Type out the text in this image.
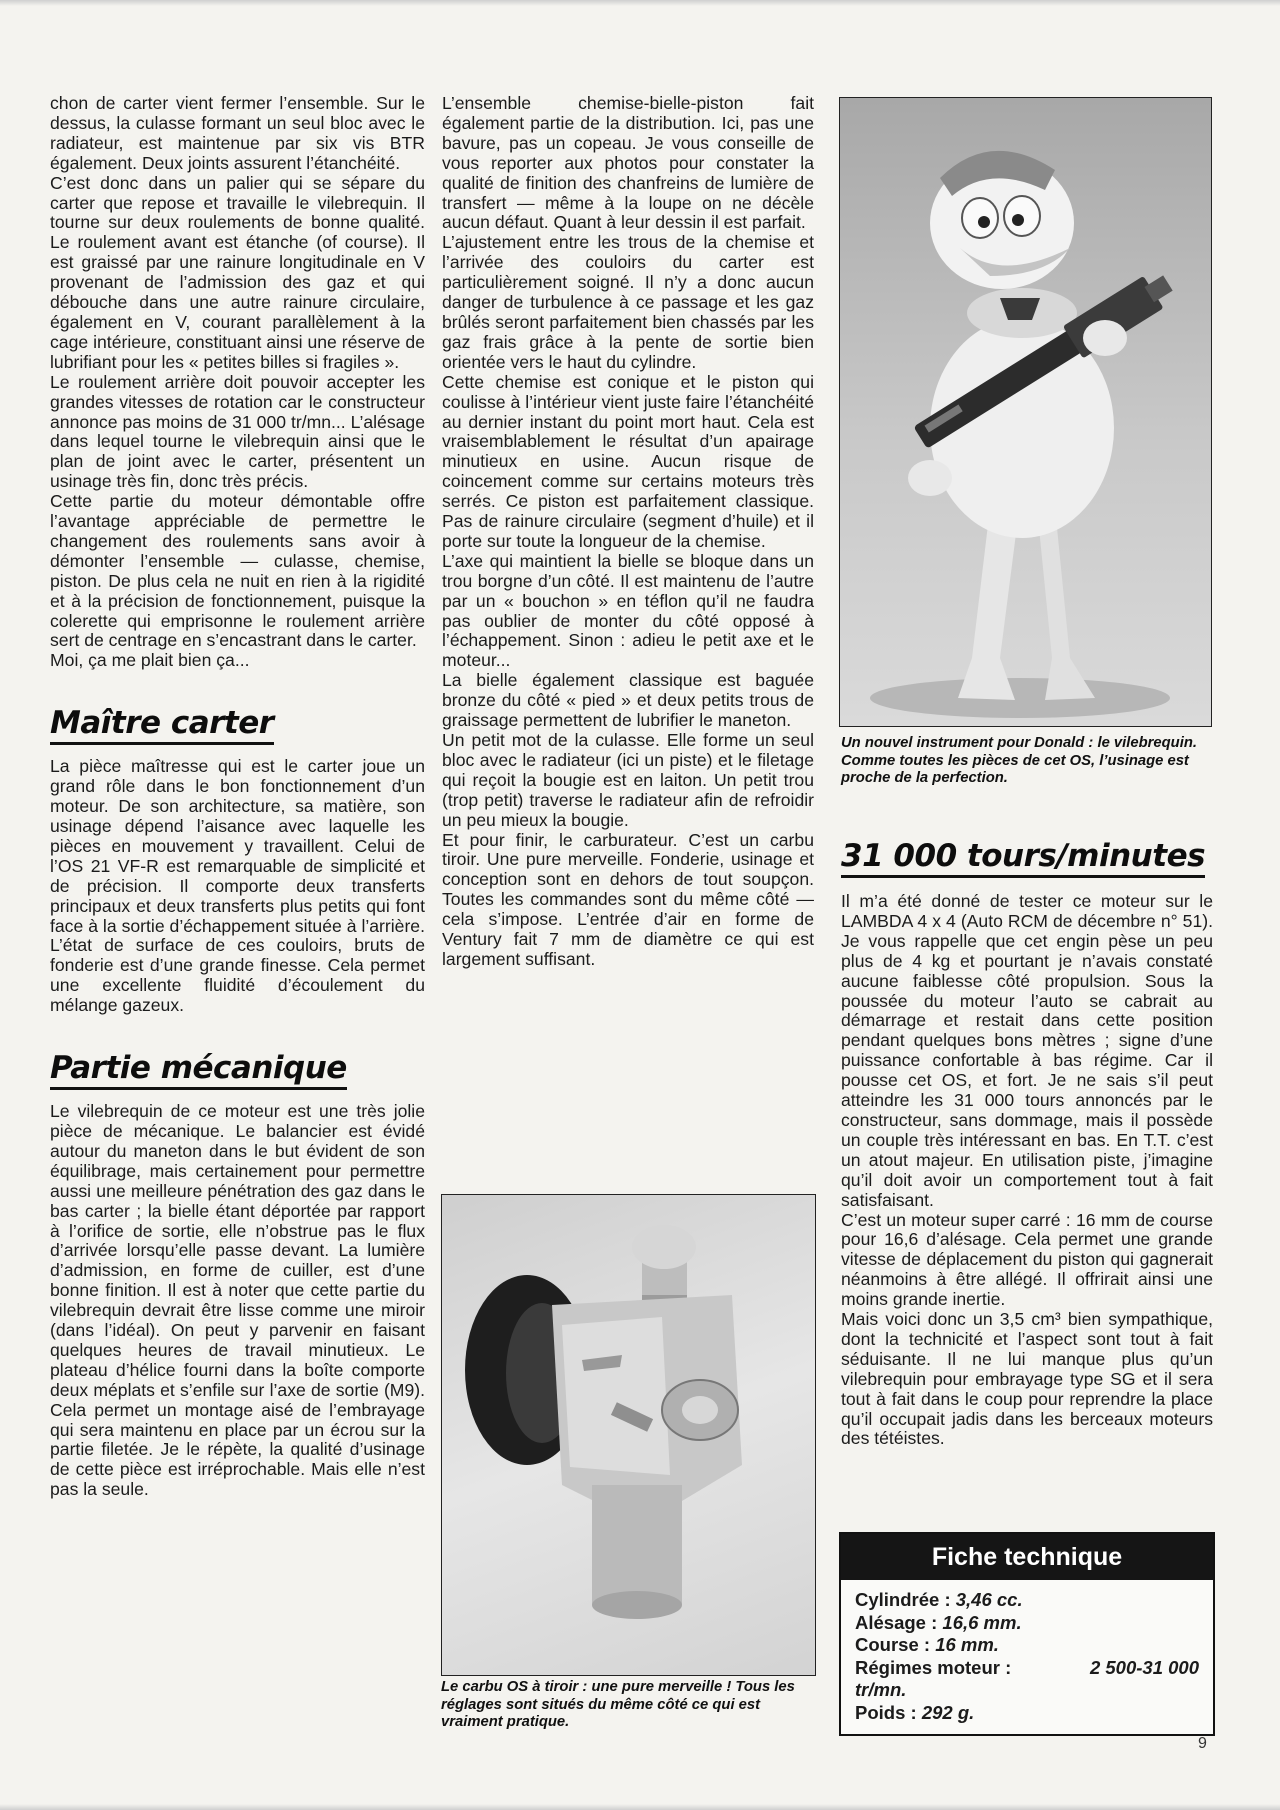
chon de carter vient fermer l’ensemble. Sur le dessus, la culasse formant un seul bloc avec le radiateur, est maintenue par six vis BTR également. Deux joints assurent l’étanchéité.

C’est donc dans un palier qui se sépare du carter que repose et travaille le vilebrequin. Il tourne sur deux roulements de bonne qualité. Le roulement avant est étanche (of course). Il est graissé par une rainure longitudinale en V provenant de l’admission des gaz et qui débouche dans une autre rainure circulaire, également en V, courant parallèlement à la cage intérieure, constituant ainsi une réserve de lubrifiant pour les « petites billes si fragiles ».

Le roulement arrière doit pouvoir accepter les grandes vitesses de rotation car le constructeur annonce pas moins de 31 000 tr/mn... L’alésage dans lequel tourne le vilebrequin ainsi que le plan de joint avec le carter, présentent un usinage très fin, donc très précis.

Cette partie du moteur démontable offre l’avantage appréciable de permettre le changement des roulements sans avoir à démonter l’ensemble — culasse, chemise, piston. De plus cela ne nuit en rien à la rigidité et à la précision de fonctionnement, puisque la colerette qui emprisonne le roulement arrière sert de centrage en s’encastrant dans le carter.

Moi, ça me plait bien ça...

Maître carter

La pièce maîtresse qui est le carter joue un grand rôle dans le bon fonctionnement d’un moteur. De son architecture, sa matière, son usinage dépend l’aisance avec laquelle les pièces en mouvement y travaillent. Celui de l’OS 21 VF-R est remarquable de simplicité et de précision. Il comporte deux transferts principaux et deux transferts plus petits qui font face à la sortie d’échappement située à l’arrière. L’état de surface de ces couloirs, bruts de fonderie est d’une grande finesse. Cela permet une excellente fluidité d’écoulement du mélange gazeux.

Partie mécanique

Le vilebrequin de ce moteur est une très jolie pièce de mécanique. Le balancier est évidé autour du maneton dans le but évident de son équilibrage, mais certainement pour permettre aussi une meilleure pénétration des gaz dans le bas carter ; la bielle étant déportée par rapport à l’orifice de sortie, elle n’obstrue pas le flux d’arrivée lorsqu’elle passe devant. La lumière d’admission, en forme de cuiller, est d’une bonne finition. Il est à noter que cette partie du vilebrequin devrait être lisse comme une miroir (dans l’idéal). On peut y parvenir en faisant quelques heures de travail minutieux. Le plateau d’hélice fourni dans la boîte comporte deux méplats et s’enfile sur l’axe de sortie (M9). Cela permet un montage aisé de l’embrayage qui sera maintenu en place par un écrou sur la partie filetée. Je le répète, la qualité d’usinage de cette pièce est irréprochable. Mais elle n’est pas la seule.

L’ensemble chemise-bielle-piston fait également partie de la distribution. Ici, pas une bavure, pas un copeau. Je vous conseille de vous reporter aux photos pour constater la qualité de finition des chanfreins de lumière de transfert — même à la loupe on ne décèle aucun défaut. Quant à leur dessin il est parfait.

L’ajustement entre les trous de la chemise et l’arrivée des couloirs du carter est particulièrement soigné. Il n’y a donc aucun danger de turbulence à ce passage et les gaz brûlés seront parfaitement bien chassés par les gaz frais grâce à la pente de sortie bien orientée vers le haut du cylindre.

Cette chemise est conique et le piston qui coulisse à l’intérieur vient juste faire l’étanchéité au dernier instant du point mort haut. Cela est vraisemblablement le résultat d’un apairage minutieux en usine. Aucun risque de coincement comme sur certains moteurs très serrés. Ce piston est parfaitement classique. Pas de rainure circulaire (segment d’huile) et il porte sur toute la longueur de la chemise.

L’axe qui maintient la bielle se bloque dans un trou borgne d’un côté. Il est maintenu de l’autre par un « bouchon » en téflon qu’il ne faudra pas oublier de monter du côté opposé à l’échappement. Sinon : adieu le petit axe et le moteur...

La bielle également classique est baguée bronze du côté « pied » et deux petits trous de graissage permettent de lubrifier le maneton.

Un petit mot de la culasse. Elle forme un seul bloc avec le radiateur (ici un piste) et le filetage qui reçoit la bougie est en laiton. Un petit trou (trop petit) traverse le radiateur afin de refroidir un peu mieux la bougie.

Et pour finir, le carburateur. C’est un carbu tiroir. Une pure merveille. Fonderie, usinage et conception sont en dehors de tout soupçon. Toutes les commandes sont du même côté — cela s’impose. L’entrée d’air en forme de Ventury fait 7 mm de diamètre ce qui est largement suffisant.

Un nouvel instrument pour Donald : le vilebrequin. Comme toutes les pièces de cet OS, l’usinage est proche de la perfection.
31 000 tours/minutes

Il m’a été donné de tester ce moteur sur le LAMBDA 4 x 4 (Auto RCM de décembre n° 51). Je vous rappelle que cet engin pèse un peu plus de 4 kg et pourtant je n’avais constaté aucune faiblesse côté propulsion. Sous la poussée du moteur l’auto se cabrait au démarrage et restait dans cette position pendant quelques bons mètres ; signe d’une puissance confortable à bas régime. Car il pousse cet OS, et fort. Je ne sais s’il peut atteindre les 31 000 tours annoncés par le constructeur, sans dommage, mais il possède un couple très intéressant en bas. En T.T. c’est un atout majeur. En utilisation piste, j’imagine qu’il doit avoir un comportement tout à fait satisfaisant.

C’est un moteur super carré : 16 mm de course pour 16,6 d’alésage. Cela permet une grande vitesse de déplacement du piston qui gagnerait néanmoins à être allégé. Il offrirait ainsi une moins grande inertie.

Mais voici donc un 3,5 cm³ bien sympathique, dont la technicité et l’aspect sont tout à fait séduisante. Il ne lui manque plus qu’un vilebrequin pour embrayage type SG et il sera tout à fait dans le coup pour reprendre la place qu’il occupait jadis dans les berceaux moteurs des tétéistes.

Le carbu OS à tiroir : une pure merveille ! Tous les réglages sont situés du même côté ce qui est vraiment pratique.
Fiche technique
Cylindrée : 3,46 cc.
Alésage : 16,6 mm.
Course : 16 mm.
Régimes moteur :	2 500-31 000
tr/mn.
Poids : 292 g.
9
